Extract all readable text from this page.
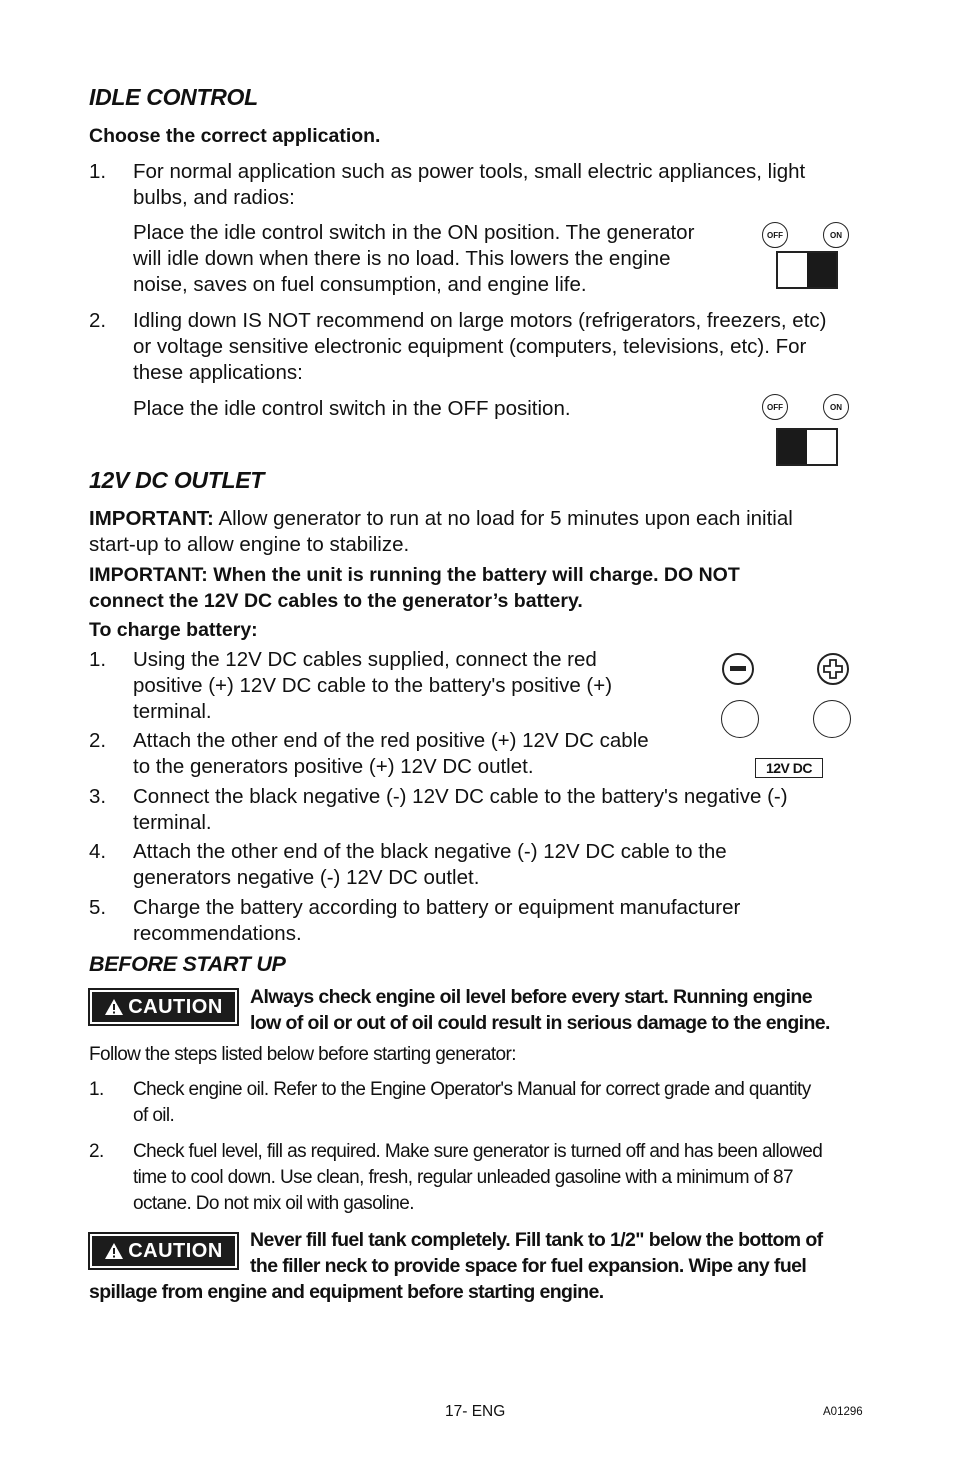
IDLE CONTROL
Choose the correct application.
1. For normal application such as power tools, small electric appliances, light
bulbs, and radios:
Place the idle control switch in the ON position. The generator
will idle down when there is no load. This lowers the engine
noise, saves on fuel consumption, and engine life.
OFF	ON
2. Idling down IS NOT recommend on large motors (refrigerators, freezers, etc)
or voltage sensitive electronic equipment (computers, televisions, etc). For
these applications:
Place the idle control switch in the OFF position.	OFF	ON
12V DC OUTLET
IMPORTANT: Allow generator to run at no load for 5 minutes upon each initial
start-up to allow engine to stabilize.
IMPORTANT: When the unit is running the battery will charge. DO NOT
connect the 12V DC cables to the generator’s battery.
To charge battery:
1. Using the 12V DC cables supplied, connect the red
positive (+) 12V DC cable to the battery's positive (+)
terminal.
2. Attach the other end of the red positive (+) 12V DC cable
to the generators positive (+) 12V DC outlet.
3. Connect the black negative (-) 12V DC cable to the battery's negative (-)
terminal.
4. Attach the other end of the black negative (-) 12V DC cable to the
generators negative (-) 12V DC outlet.
5. Charge the battery according to battery or equipment manufacturer
recommendations.
12V DC
BEFORE START UP
CAUTION Always check engine oil level before every start. Running engine
low of oil or out of oil could result in serious damage to the engine.
Follow the steps listed below before starting generator:
1. Check engine oil. Refer to the Engine Operator's Manual for correct grade and quantity
of oil.
2. Check fuel level, fill as required. Make sure generator is turned off and has been allowed
time to cool down. Use clean, fresh, regular unleaded gasoline with a minimum of 87
octane. Do not mix oil with gasoline.
CAUTION Never fill fuel tank completely. Fill tank to 1/2" below the bottom of
the filler neck to provide space for fuel expansion. Wipe any fuel
spillage from engine and equipment before starting engine.
17- ENG	A01296
